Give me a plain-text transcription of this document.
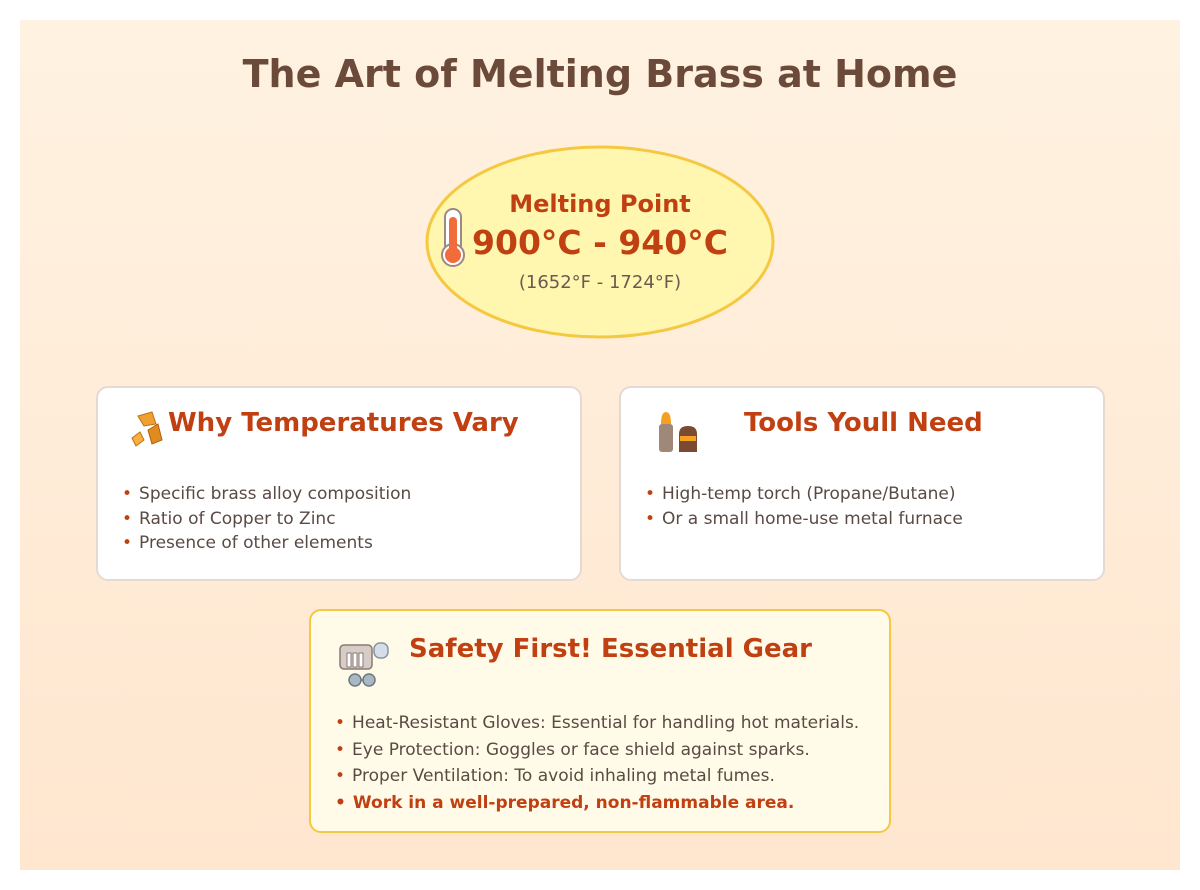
The Art of Melting Brass at Home
Melting Point
900°C - 940°C
(1652°F - 1724°F)
Why Temperatures Vary
• Specific brass alloy composition
• Ratio of Copper to Zinc
• Presence of other elements
Tools Youll Need
• High-temp torch (Propane/Butane)
• Or a small home-use metal furnace
Safety First! Essential Gear
• Heat-Resistant Gloves: Essential for handling hot materials.
• Eye Protection: Goggles or face shield against sparks.
• Proper Ventilation: To avoid inhaling metal fumes.
• Work in a well-prepared, non-flammable area.
